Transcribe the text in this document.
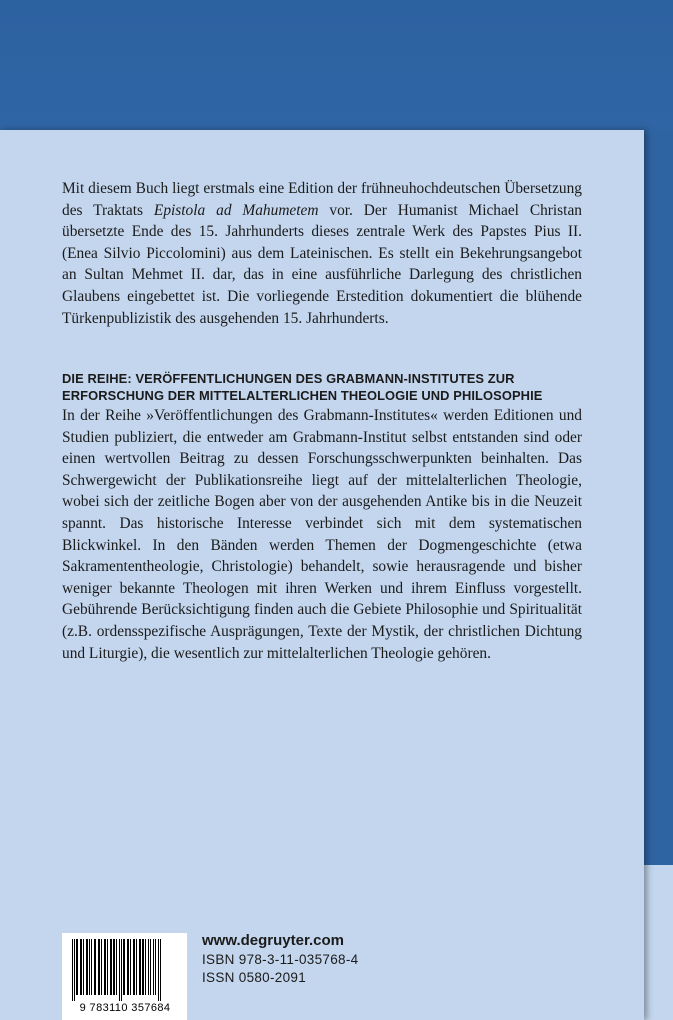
Mit diesem Buch liegt erstmals eine Edition der frühneuhochdeutschen Übersetzung des Traktats Epistola ad Mahumetem vor. Der Humanist Michael Christan übersetzte Ende des 15. Jahrhunderts dieses zentrale Werk des Papstes Pius II. (Enea Silvio Piccolomini) aus dem Lateinischen. Es stellt ein Bekehrungsangebot an Sultan Mehmet II. dar, das in eine ausführliche Darlegung des christlichen Glaubens eingebettet ist. Die vorliegende Erstedition dokumentiert die blühende Türkenpublizistik des ausgehenden 15. Jahrhunderts.

DIE REIHE: VERÖFFENTLICHUNGEN DES GRABMANN-INSTITUTES ZUR ERFORSCHUNG DER MITTELALTERLICHEN THEOLOGIE UND PHILOSOPHIE
In der Reihe »Veröffentlichungen des Grabmann-Institutes« werden Editionen und Studien publiziert, die entweder am Grabmann-Institut selbst entstanden sind oder einen wertvollen Beitrag zu dessen Forschungsschwerpunkten beinhalten. Das Schwergewicht der Publikationsreihe liegt auf der mittelalterlichen Theologie, wobei sich der zeitliche Bogen aber von der ausgehenden Antike bis in die Neuzeit spannt. Das historische Interesse verbindet sich mit dem systematischen Blickwinkel. In den Bänden werden Themen der Dogmengeschichte (etwa Sakramententheologie, Christologie) behandelt, sowie herausragende und bisher weniger bekannte Theologen mit ihren Werken und ihrem Einfluss vorgestellt. Gebührende Berücksichtigung finden auch die Gebiete Philosophie und Spiritualität (z.B. ordensspezifische Ausprägungen, Texte der Mystik, der christlichen Dichtung und Liturgie), die wesentlich zur mittelalterlichen Theologie gehören.
9 783110 357684
www.degruyter.com
ISBN 978-3-11-035768-4
ISSN 0580-2091
